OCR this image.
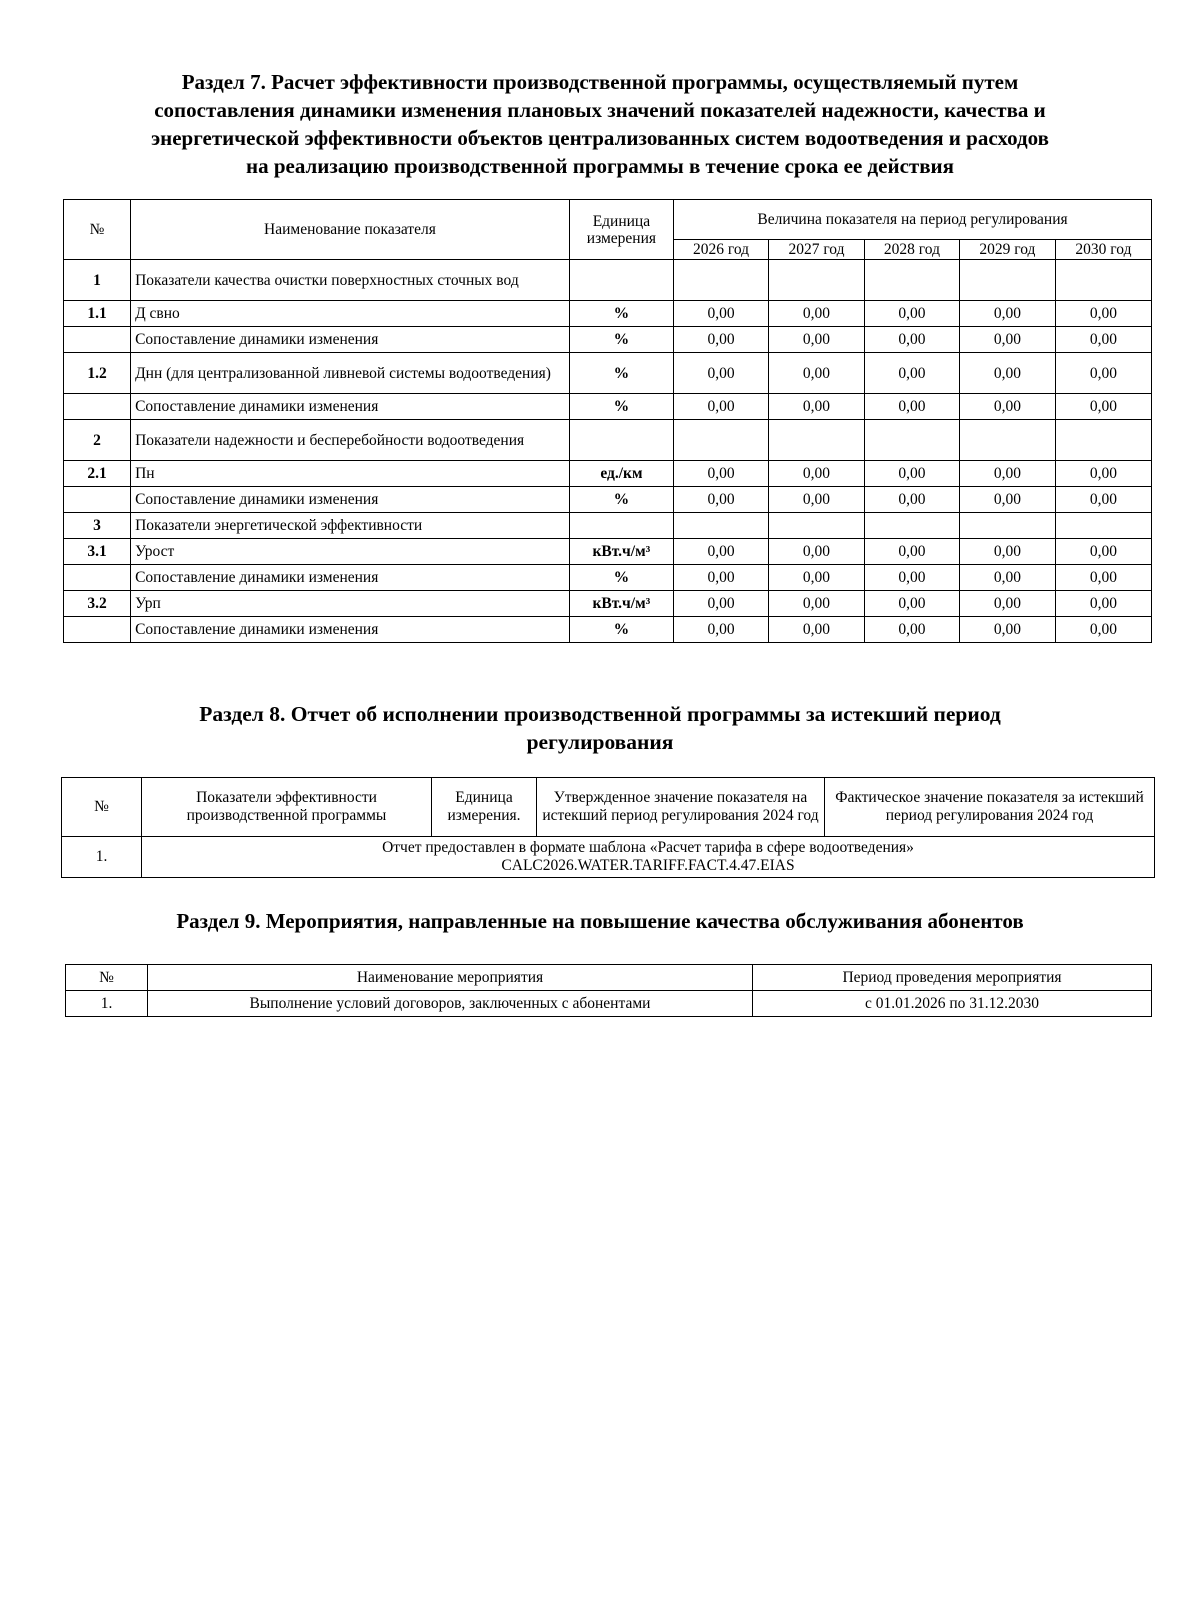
Раздел 7. Расчет эффективности производственной программы, осуществляемый путем
сопоставления динамики изменения плановых значений показателей надежности, качества и
энергетической эффективности объектов централизованных систем водоотведения и расходов
на реализацию производственной программы в течение срока ее действия
№	Наименование показателя	Единица измерения	Величина показателя на период регулирования				
			2026 год	2027 год	2028 год	2029 год	2030 год
1	Показатели качества очистки поверхностных сточных вод						
1.1	Д свно	%	0,00	0,00	0,00	0,00	0,00
	Сопоставление динамики изменения	%	0,00	0,00	0,00	0,00	0,00
1.2	Днн (для централизованной ливневой системы водоотведения)	%	0,00	0,00	0,00	0,00	0,00
	Сопоставление динамики изменения	%	0,00	0,00	0,00	0,00	0,00
2	Показатели надежности и бесперебойности водоотведения						
2.1	Пн	ед./км	0,00	0,00	0,00	0,00	0,00
	Сопоставление динамики изменения	%	0,00	0,00	0,00	0,00	0,00
3	Показатели энергетической эффективности						
3.1	Урост	кВт.ч/м³	0,00	0,00	0,00	0,00	0,00
	Сопоставление динамики изменения	%	0,00	0,00	0,00	0,00	0,00
3.2	Урп	кВт.ч/м³	0,00	0,00	0,00	0,00	0,00
	Сопоставление динамики изменения	%	0,00	0,00	0,00	0,00	0,00
Раздел 8. Отчет об исполнении производственной программы за истекший период
регулирования
№	Показатели эффективности производственной программы	Единица измерения.	Утвержденное значение показателя на истекший период регулирования 2024 год	Фактическое значение показателя за истекший период регулирования 2024 год
1.	Отчет предоставлен в формате шаблона «Расчет тарифа в сфере водоотведения»
CALC2026.WATER.TARIFF.FACT.4.47.EIAS			
Раздел 9. Мероприятия, направленные на повышение качества обслуживания абонентов
№	Наименование мероприятия	Период проведения мероприятия
1.	Выполнение условий договоров, заключенных с абонентами	с 01.01.2026 по 31.12.2030
